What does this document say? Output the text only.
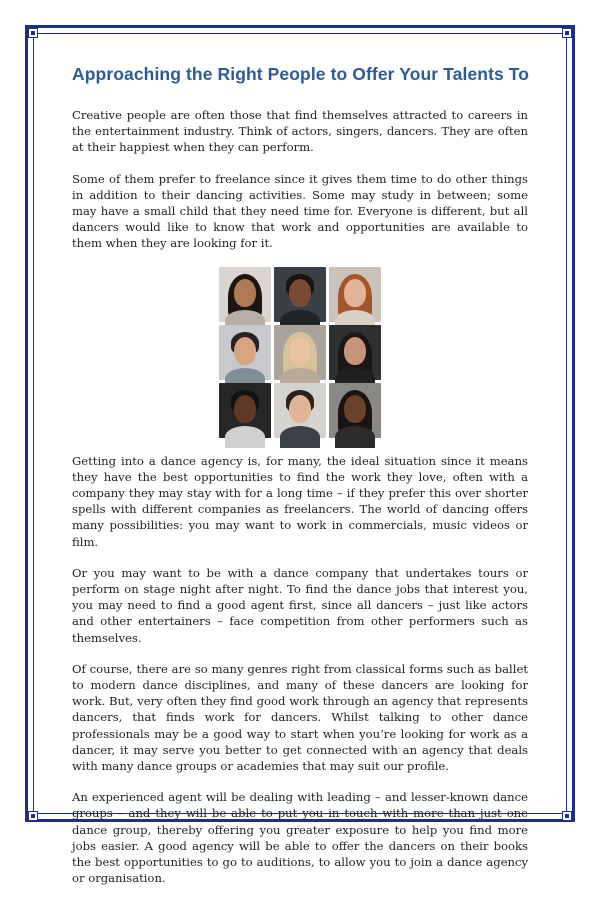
Approaching the Right People to Offer Your Talents To

Creative people are often those that find themselves attracted to careers in the entertainment industry. Think of actors, singers, dancers. They are often at their happiest when they can perform.

Some of them prefer to freelance since it gives them time to do other things in addition to their dancing activities. Some may study in between; some may have a small child that they need time for. Everyone is different, but all dancers would like to know that work and opportunities are available to them when they are looking for it.

Getting into a dance agency is, for many, the ideal situation since it means they have the best opportunities to find the work they love, often with a company they may stay with for a long time – if they prefer this over shorter spells with different companies as freelancers. The world of dancing offers many possibilities: you may want to work in commercials, music videos or film.

Or you may want to be with a dance company that undertakes tours or perform on stage night after night. To find the dance jobs that interest you, you may need to find a good agent first, since all dancers – just like actors and other entertainers – face competition from other performers such as themselves.

Of course, there are so many genres right from classical forms such as ballet to modern dance disciplines, and many of these dancers are looking for work. But, very often they find good work through an agency that represents dancers, that finds work for dancers. Whilst talking to other dance professionals may be a good way to start when you’re looking for work as a dancer, it may serve you better to get connected with an agency that deals with many dance groups or academies that may suit our profile.

An experienced agent will be dealing with leading – and lesser-known dance groups – and they will be able to put you in touch with more than just one dance group, thereby offering you greater exposure to help you find more jobs easier. A good agency will be able to offer the dancers on their books the best opportunities to go to auditions, to allow you to join a dance agency or organisation.
